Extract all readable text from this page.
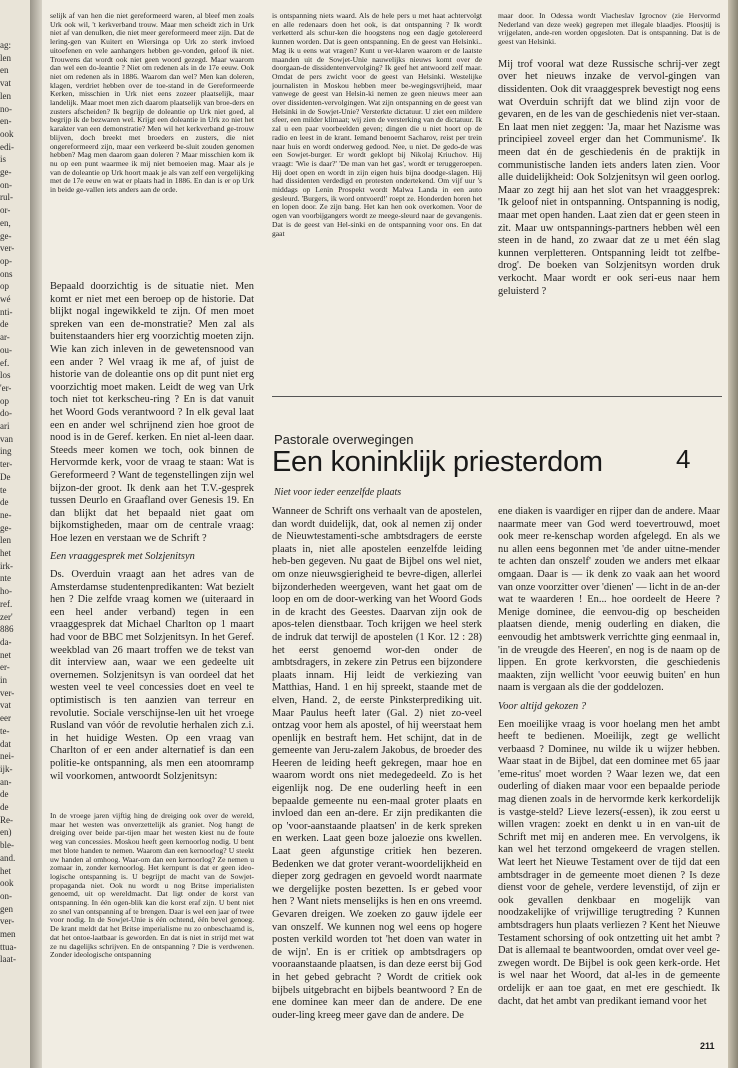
ag:
len
en
vat
len
no-
en-
ook
edi-
is
ge-
on-
rul-
or-
en,
ge-
ver-
op-
ons
op
wé
nti-
de
ar-
ou-
ef.
los
'er-
op
do-
ari
van
ing
ter-
De
te
de
ne-
ge-
len
het
irk-
nte
ho-
ref.
zer'
886
da-
net
er-
in
ver-
vat
eer
te-
dat
nei-
ijk-
an-
de
de
Re-
en)
ble-
and.
het
ook
on-
gen
ver-
men
ttua-
laat-

selijk af van hen die niet gereformeerd waren, al bleef men zoals Urk ook wil, 't kerkverband trouw. Maar men scheidt zich in Urk niet af van denulken, die niet meer gereformeerd meer zijn. Dat de lering-gen van Kuitert en Wiersinga op Urk zo sterk invloed uitoefenen en vele aanhangers hebben ge-vonden, geloof ik niet. Trouwens dat wordt ook niet geen woord gezegd. Maar waarom dan wel een do-leantie ? Niet om redenen als in de 17e eeuw. Ook niet om redenen als in 1886. Waarom dan wel? Men kan doleren, klagen, verdriet hebben over de toe-stand in de Gereformeerde Kerken, misschien in Urk niet eens zozeer plaatselijk, maar landelijk. Maar moet men zich daarom plaatselijk van broe-ders en zusters afscheiden? Ik begrijp de doleantie op Urk niet goed, al begrijp ik de bezwaren wel. Krijgt een doleantie in Urk zo niet het karakter van een demonstratie? Men wil het kerkverband ge-trouw blijven, doch breekt met broeders en zusters, die niet ongereformeerd zijn, maar een verkeerd be-sluit zouden genomen hebben? Mag men daarom gaan doleren ? Maar misschien kom ik nu op een punt waarmee ik mij niet bemoeien mag. Maar als je van de doleantie op Urk hoort maak je als van zelf een vergelijking met de 17e eeuw en wat er plaats had in 1886. En dan is er op Urk in beide ge-vallen iets anders aan de orde.

is ontspanning niets waard. Als de hele pers u met haat achtervolgt en alle redenaars doen het ook, is dat ontspanning ? Ik wordt verketterd als schur-ken die hoogstens nog een dagje getolereerd kunnen worden. Dat is geen ontspanning. En de geest van Helsinki.. Mag ik u eens wat vragen? Kunt u ver-klaren waarom er de laatste maanden uit de Sowjet-Unie nauwelijks nieuws komt over de doorgaan-de dissidentenvervolging? Ik geef het antwoord zelf maar. Omdat de pers zwicht voor de geest van Helsinki. Westelijke journalisten in Moskou hebben meer be-wegingsvrijheid, maar vanwege de geest van Helsin-ki nemen ze geen nieuws meer aan over dissidenten-vervolgingen. Wat zijn ontspanning en de geest van Helsinki in de Sowjet-Unie? Versterkte dictatuur. U ziet een mildere sfeer, een milder klimaat; wij zien de versterking van de dictatuur. Ik zal u een paar voorbeelden geven; dingen die u niet hoort op de radio en leest in de krant. Iemand benoemt Sacharov, reist per trein naar huis en wordt onderweg gedood. Nee, u niet. De gedo-de was een Sowjet-burger. Er wordt geklopt bij Nikolaj Kriuchov. Hij vraagt: 'Wie is daar?' 'De man van het gas', wordt er teruggeroepen. Hij doet open en wordt in zijn eigen huis bijna doodge-slagen. Hij had dissidenten verdedigd en protesten ondertekend. Om vijf uur 's middags op Lenin Prospekt wordt Malwa Landa in een auto gesleurd. 'Burgers, ik word ontvoerd!' roept ze. Honderden horen het en lopen door. Ze zijn bang. Het kan hen ook overkomen. Voor de ogen van voorbijgangers wordt ze meege-sleurd naar de gevangenis. Dat is de geest van Hel-sinki en de ontspanning voor ons. En dat gaat

maar door. In Odessa wordt Viacheslav Igrocnov (zie Hervormd Nederland van deze week) gegrepen met illegale blaadjes. Ploosjtij is vrijgelaten, ande-ren worden opgesloten. Dat is ontspanning. Dat is de geest van Helsinki.

Mij trof vooral wat deze Russische schrij-ver zegt over het nieuws inzake de vervol-gingen van dissidenten. Ook dit vraaggesprek bevestigt nog eens wat Overduin schrijft dat we blind zijn voor de gevaren, en de les van de geschiedenis niet ver-staan. En laat men niet zeggen: 'Ja, maar het Nazisme was principieel zoveel erger dan het Communisme'. Ik meen dat én de geschiedenis én de praktijk in communistische landen iets anders laten zien. Voor alle duidelijkheid: Ook Solzjenitsyn wil geen oorlog. Maar zo zegt hij aan het slot van het vraaggesprek: 'Ik geloof niet in ontspanning. Ontspanning is nodig, maar met open handen. Laat zien dat er geen steen in zit. Maar uw ontspannings-partners hebben wèl een steen in de hand, zo zwaar dat ze u met één slag kunnen verpletteren. Ontspanning leidt tot zelfbe-drog'. De boeken van Solzjenitsyn worden druk verkocht. Maar wordt er ook seri-eus naar hem geluisterd ?

Bepaald doorzichtig is de situatie niet. Men komt er niet met een beroep op de historie. Dat blijkt nogal ingewikkeld te zijn. Of men moet spreken van een de-monstratie? Men zal als buitenstaanders hier erg voorzichtig moeten zijn. Wie kan zich inleven in de gewetensnood van een ander ? Wel vraag ik me af, of juist de historie van de doleantie ons op dit punt niet erg voorzichtig moet maken. Leidt de weg van Urk toch niet tot kerkscheu-ring ? En is dat vanuit het Woord Gods verantwoord ? In elk geval laat een en ander wel schrijnend zien hoe groot de nood is in de Geref. kerken. En niet al-leen daar. Steeds meer komen we toch, ook binnen de Hervormde kerk, voor de vraag te staan: Wat is Gereformeerd ? Want de tegenstellingen zijn wel bijzon-der groot. Ik denk aan het T.V.-gesprek tussen Deurlo en Graafland over Genesis 19. En dan blijkt dat het bepaald niet gaat om bijkomstigheden, maar om de centrale vraag: Hoe lezen en verstaan we de Schrift ?

Een vraaggesprek met Solzjenitsyn

Ds. Overduin vraagt aan het adres van de Amsterdamse studentenpredikanten: Wat bezielt hen ? Die zelfde vraag komen we (uiteraard in een heel ander verband) tegen in een vraaggesprek dat Michael Charlton op 1 maart had voor de BBC met Solzjenitsyn. In het Geref. weekblad van 26 maart troffen we de tekst van dit interview aan, waar we een gedeelte uit overnemen. Solzjenitsyn is van oordeel dat het westen veel te veel concessies doet en veel te optimistisch is ten aanzien van terreur en revolutie. Sociale verschijnse-len uit het vroege Rusland van vóór de revolutie herhalen zich z.i. in het huidige Westen. Op een vraag van Charlton of er een ander alternatief is dan een politie-ke ontspanning, als men een atoomramp wil voorkomen, antwoordt Solzjenitsyn:

In de vroege jaren vijftig hing de dreiging ook over de wereld, maar het westen was onverzettelijk als graniet. Nog hangt de dreiging over beide par-tijen maar het westen kiest nu de foute weg van concessies. Moskou heeft geen kernoorlog nodig. U bent met blote handen te nemen. Waarom dan een kernoorlog? U steekt uw handen al omhoog. Waar-om dan een kernoorlog? Ze nemen u zomaar in, zonder kernoorlog. Het kernpunt is dat er geen ideo-logische ontspanning is. U begrijpt de macht van de Sowjet-propaganda niet. Ook nu wordt u nog Britse imperialisten genoemd, uit op wereldmacht. Dat ligt onder de korst van ontspanning. In één ogen-blik kan die korst eraf zijn. U bent niet zo snel van ontspanning af te brengen. Daar is wel een jaar of twee voor nodig. In de Sowjet-Unie is één ochtend, één bevel genoeg. De krant meldt dat het Britse imperialisme nu zo onbeschaamd is, dat het ontoe-laatbaar is geworden. En dat is niet in strijd met wat ze nu dagelijks schrijven. En de ontspanning ? Die is verdwenen. Zonder ideologische ontspanning

Pastorale overwegingen
Een koninklijk priesterdom	4
Niet voor ieder eenzelfde plaats

Wanneer de Schrift ons verhaalt van de apostelen, dan wordt duidelijk, dat, ook al nemen zij onder de Nieuwtestamenti-sche ambtsdragers de eerste plaats in, niet alle apostelen eenzelfde leiding heb-ben gegeven. Nu gaat de Bijbel ons wel niet, om onze nieuwsgierigheid te bevre-digen, allerlei bijzonderheden weergeven, want het gaat om de loop en om de door-werking van het Woord Gods in de kracht des Geestes. Daarvan zijn ook de apos-telen dienstbaar. Toch krijgen we heel sterk de indruk dat terwijl de apostelen (1 Kor. 12 : 28) het eerst genoemd wor-den onder de ambtsdragers, in zekere zin Petrus een bijzondere plaats innam. Hij leidt de verkiezing van Matthias, Hand. 1 en hij spreekt, staande met de elven, Hand. 2, de eerste Pinksterprediking uit. Maar Paulus heeft later (Gal. 2) niet zo-veel ontzag voor hem als apostel, of hij weerstaat hem openlijk en bestraft hem. Het schijnt, dat in de gemeente van Jeru-zalem Jakobus, de broeder des Heeren de leiding heeft gekregen, maar hoe en waarom wordt ons niet medegedeeld. Zo is het eigenlijk nog. De ene ouderling heeft in een bepaalde gemeente nu een-maal groter plaats en invloed dan een an-dere. Er zijn predikanten die op 'voor-aanstaande plaatsen' in de kerk spreken en werken. Laat geen boze jaloezie ons kwellen. Laat geen afgunstige critiek hen bezeren. Bedenken we dat groter verant-woordelijkheid en dieper zorg gedragen en gevoeld wordt naarmate we dergelijke posten bezetten. Is er gebed voor hen ? Want niets menselijks is hen en ons vreemd. Gevaren dreigen. We zoeken zo gauw ijdele eer van onszelf. We kunnen nog wel eens op hogere posten verkild worden tot 'het doen van water in de wijn'. En is er critiek op ambtsdragers op vooraanstaande plaatsen, is dan deze eerst bij God in het gebed gebracht ? Wordt de critiek ook bijbels uitgebracht en bijbels beantwoord ? En de ene dominee kan meer dan de andere. De ene ouder-ling kreeg meer gave dan de andere. De

ene diaken is vaardiger en rijper dan de andere. Maar naarmate meer van God werd toevertrouwd, moet ook meer re-kenschap worden afgelegd. En als we nu allen eens begonnen met 'de ander uitne-mender te achten dan onszelf' zouden we anders met elkaar omgaan. Daar is — ik denk zo vaak aan het woord van onze voorzitter over 'dienen' — licht in de an-der wat te waarderen ! En... hoe oordeelt de Heere ? Menige dominee, die eenvou-dig op bescheiden plaatsen diende, menig ouderling en diaken, die eenvoudig het ambtswerk verrichtte ging eenmaal in, 'in de vreugde des Heeren', en nog is de naam op de lippen. En grote kerkvorsten, die geschiedenis maakten, zijn wellicht 'voor eeuwig buiten' en hun naam is vergaan als die der goddelozen.

Voor altijd gekozen ?

Een moeilijke vraag is voor hoelang men het ambt heeft te bedienen. Moeilijk, zegt ge wellicht verbaasd ? Dominee, nu wilde ik u wijzer hebben. Waar staat in de Bijbel, dat een dominee met 65 jaar 'eme-ritus' moet worden ? Waar lezen we, dat een ouderling of diaken maar voor een bepaalde periode mag dienen zoals in de hervormde kerk kerkordelijk is vastge-steld? Lieve lezers(-essen), ik zou eerst u willen vragen: zoekt en denkt u in en van-uit de Schrift met mij en anderen mee. En vervolgens, ik kan wel het terzond omgekeerd de vragen stellen. Wat leert het Nieuwe Testament over de tijd dat een ambtsdrager in de gemeente moet dienen ? Is deze dienst voor de gehele, verdere levenstijd, of zijn er ook gevallen denkbaar en mogelijk van noodzakelijke of vrijwillige terugtreding ? Kunnen ambtsdragers hun plaats verliezen ? Kent het Nieuwe Testament schorsing of ook ontzetting uit het ambt ? Dat is allemaal te beantwoorden, omdat over veel ge-zwegen wordt. De Bijbel is ook geen kerk-orde. Het is wel naar het Woord, dat al-les in de gemeente ordelijk er aan toe gaat, en met ere geschiedt. Ik dacht, dat het ambt van predikant iemand voor het

211
